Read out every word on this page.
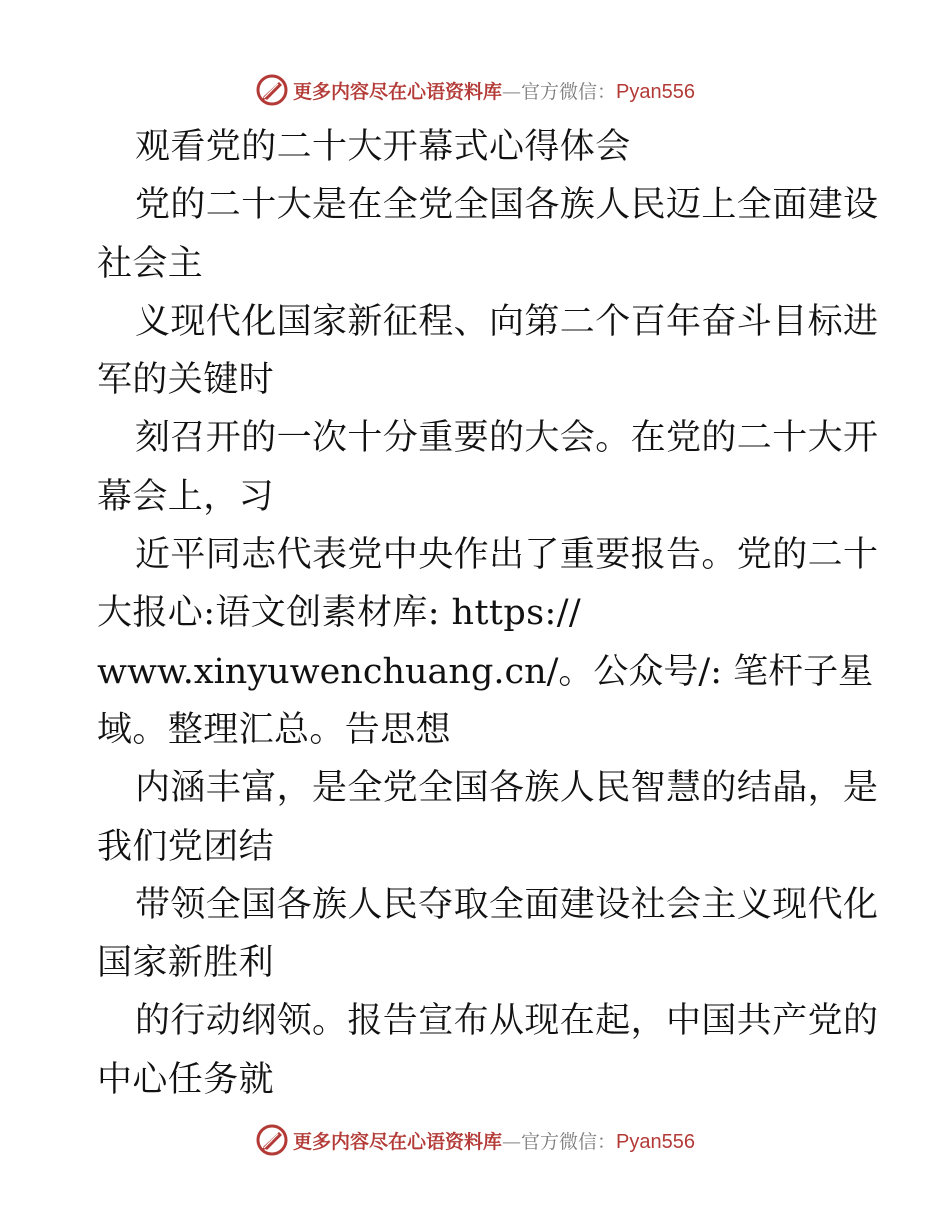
更多内容尽在心语资料库—官方微信：Pyan556
观看党的二十大开幕式心得体会
党的二十大是在全党全国各族人民迈上全面建设
社会主
义现代化国家新征程、向第二个百年奋斗目标进
军的关键时
刻召开的一次十分重要的大会。在党的二十大开
幕会上，习
近平同志代表党中央作出了重要报告。党的二十
大报心:语文创素材库: https://
www.xinyuwenchuang.cn/。公众号/: 笔杆子星
域。整理汇总。告思想
内涵丰富，是全党全国各族人民智慧的结晶，是
我们党团结
带领全国各族人民夺取全面建设社会主义现代化
国家新胜利
的行动纲领。报告宣布从现在起，中国共产党的
中心任务就
更多内容尽在心语资料库—官方微信：Pyan556
